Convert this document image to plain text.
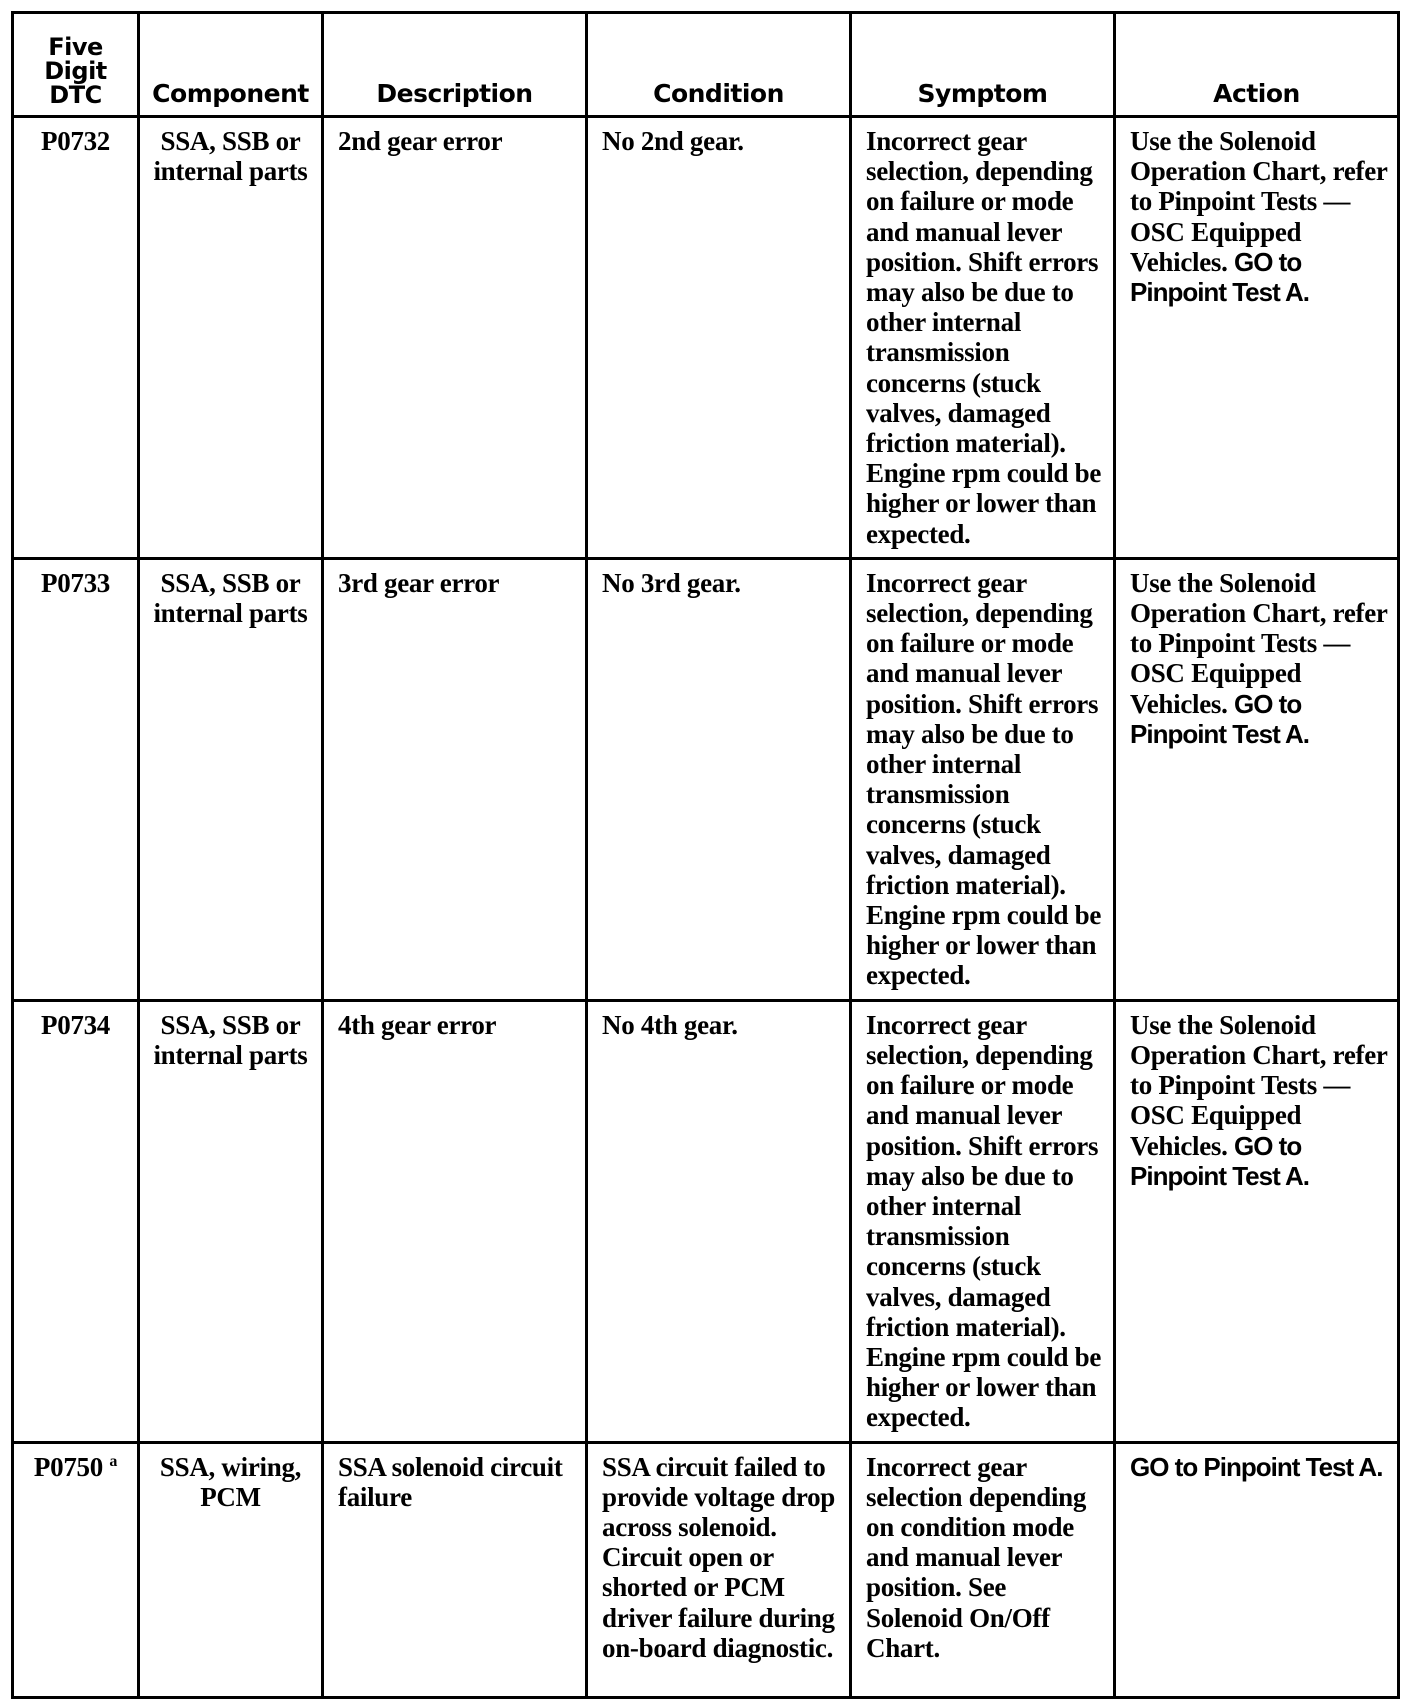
Five
Digit
DTC	Component	Description	Condition	Symptom	Action
P0732	SSA, SSB or internal parts	2nd gear error	No 2nd gear.	Incorrect gear selection, depending on failure or mode and manual lever position. Shift errors may also be due to other internal transmission concerns (stuck valves, damaged friction material). Engine rpm could be higher or lower than expected.	Use the Solenoid Operation Chart, refer to Pinpoint Tests — OSC Equipped Vehicles. GO to Pinpoint Test A.
P0733	SSA, SSB or internal parts	3rd gear error	No 3rd gear.	Incorrect gear selection, depending on failure or mode and manual lever position. Shift errors may also be due to other internal transmission concerns (stuck valves, damaged friction material). Engine rpm could be higher or lower than expected.	Use the Solenoid Operation Chart, refer to Pinpoint Tests — OSC Equipped Vehicles. GO to Pinpoint Test A.
P0734	SSA, SSB or internal parts	4th gear error	No 4th gear.	Incorrect gear selection, depending on failure or mode and manual lever position. Shift errors may also be due to other internal transmission concerns (stuck valves, damaged friction material). Engine rpm could be higher or lower than expected.	Use the Solenoid Operation Chart, refer to Pinpoint Tests — OSC Equipped Vehicles. GO to Pinpoint Test A.
P0750 $^a$	SSA, wiring, PCM	SSA solenoid circuit failure	SSA circuit failed to provide voltage drop across solenoid. Circuit open or shorted or PCM driver failure during on-board diagnostic.	Incorrect gear selection depending on condition mode and manual lever position. See Solenoid On/Off Chart.	GO to Pinpoint Test A.
